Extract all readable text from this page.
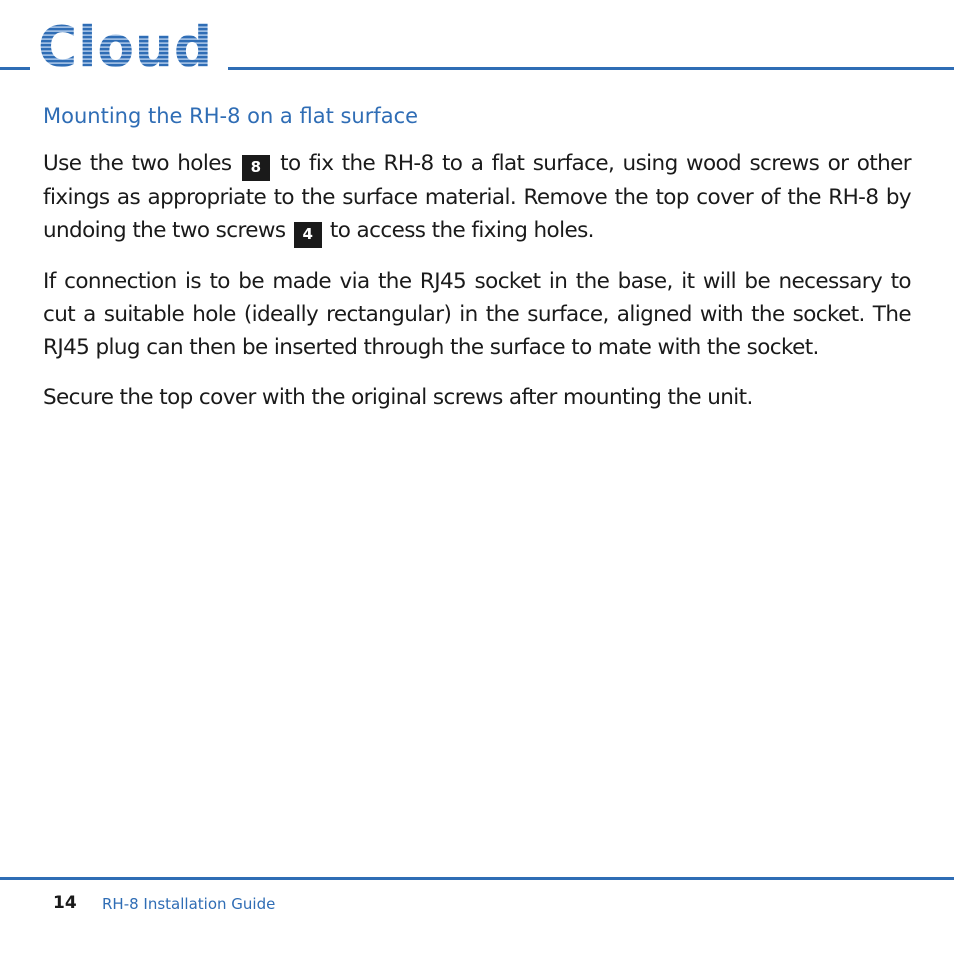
Cloud
Mounting the RH-8 on a flat surface

Use the two holes 8 to fix the RH-8 to a flat surface, using wood screws or other fixings as appropriate to the surface material. Remove the top cover of the RH-8 by undoing the two screws 4 to access the fixing holes.

If connection is to be made via the RJ45 socket in the base, it will be necessary to cut a suitable hole (ideally rectangular) in the surface, aligned with the socket. The RJ45 plug can then be inserted through the surface to mate with the socket.

Secure the top cover with the original screws after mounting the unit.

14 RH-8 Installation Guide
